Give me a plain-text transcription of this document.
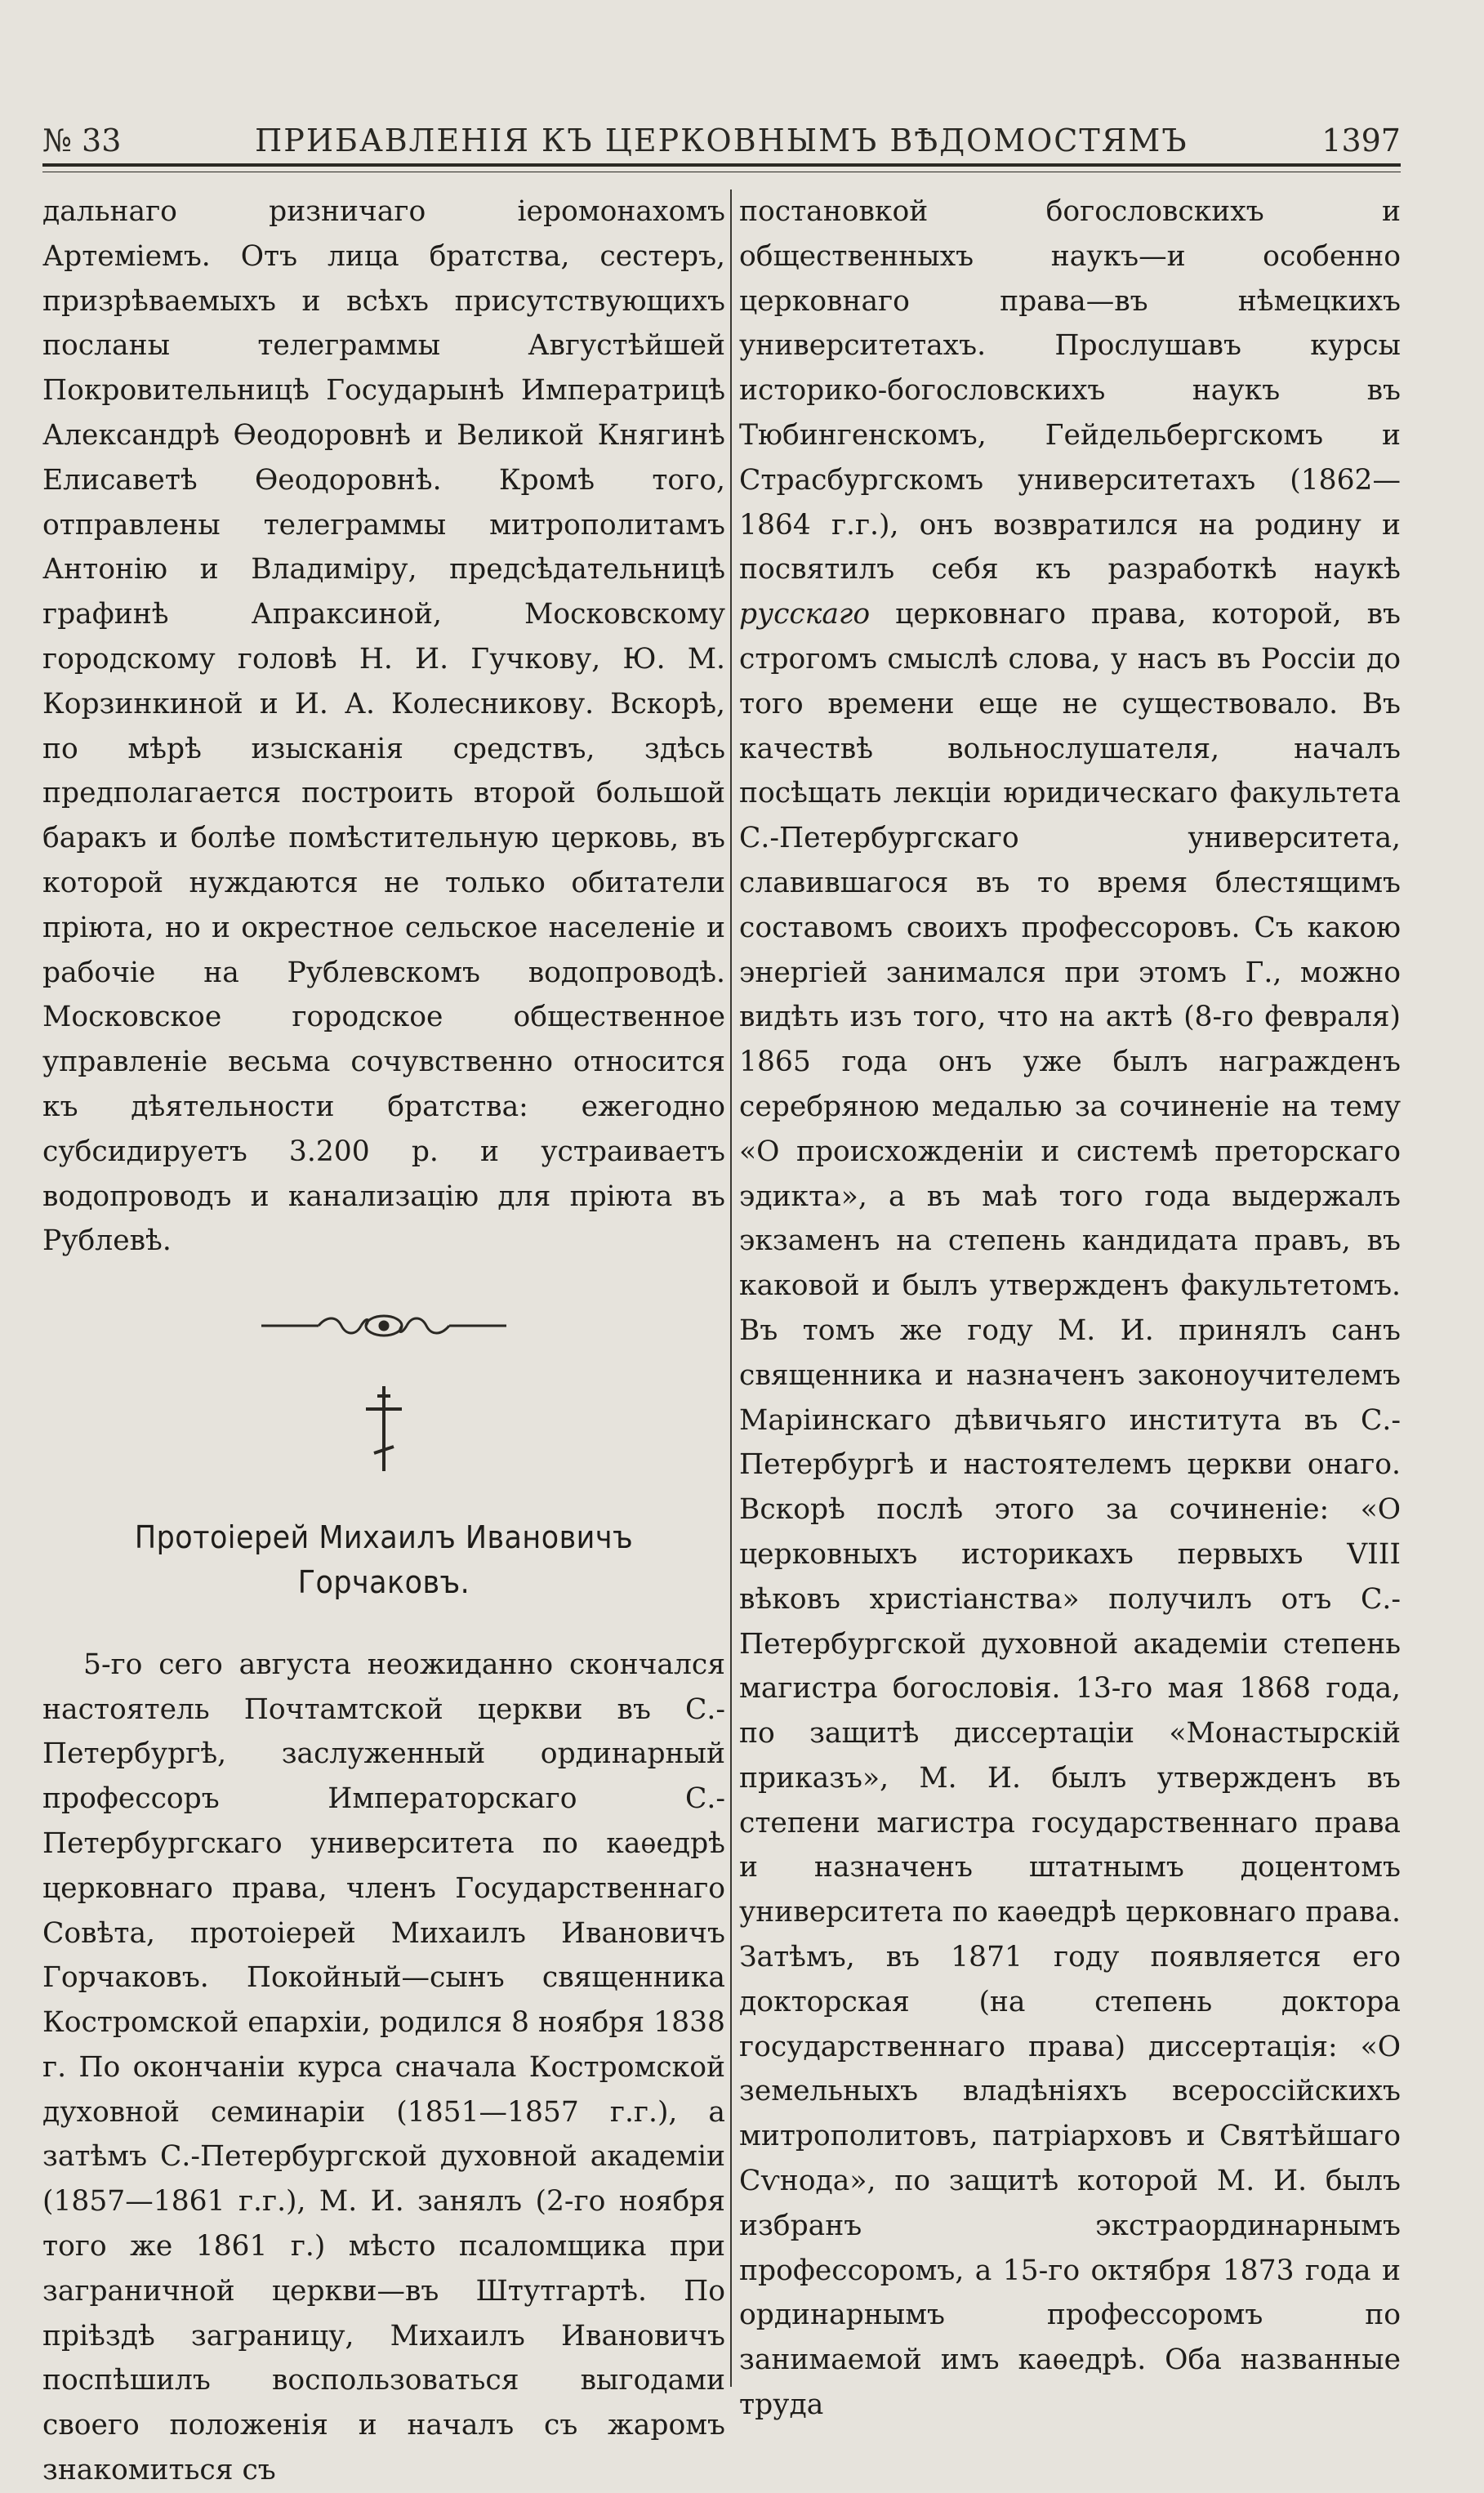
№ 33	ПРИБАВЛЕНІЯ КЪ ЦЕРКОВНЫМЪ ВѢДОМОСТЯМЪ	1397

дальнаго ризничаго іеромонахомъ Артеміемъ. Отъ лица братства, сестеръ, призрѣваемыхъ и всѣхъ присутствующихъ посланы телеграммы Августѣйшей Покровительницѣ Государынѣ Императрицѣ Александрѣ Ѳеодоровнѣ и Великой Княгинѣ Елисаветѣ Ѳеодоровнѣ. Кромѣ того, отправлены телеграммы митрополитамъ Антонію и Владиміру, предсѣдательницѣ графинѣ Апраксиной, Московскому городскому головѣ Н. И. Гучкову, Ю. М. Корзинкиной и И. А. Колесникову. Вскорѣ, по мѣрѣ изысканія средствъ, здѣсь предполагается построить второй большой баракъ и болѣе помѣстительную церковь, въ которой нуждаются не только обитатели пріюта, но и окрестное сельское населеніе и рабочіе на Рублевскомъ водопроводѣ. Московское городское общественное управленіе весьма сочувственно относится къ дѣятельности братства: ежегодно субсидируетъ 3.200 р. и устраиваетъ водопроводъ и канализацію для пріюта въ Рублевѣ.

Протоіерей Михаилъ Ивановичъ Горчаковъ.

5-го сего августа неожиданно скончался настоятель Почтамтской церкви въ С.-Петербургѣ, заслуженный ординарный профессоръ Императорскаго С.-Петербургскаго университета по каѳедрѣ церковнаго права, членъ Государственнаго Совѣта, протоіерей Михаилъ Ивановичъ Горчаковъ. Покойный—сынъ священника Костромской епархіи, родился 8 ноября 1838 г. По окончаніи курса сначала Костромской духовной семинаріи (1851—1857 г.г.), а затѣмъ С.-Петербургской духовной академіи (1857—1861 г.г.), М. И. занялъ (2-го ноября того же 1861 г.) мѣсто псаломщика при заграничной церкви—въ Штутгартѣ. По пріѣздѣ заграницу, Михаилъ Ивановичъ поспѣшилъ воспользоваться выгодами своего положенія и началъ съ жаромъ знакомиться съ

постановкой богословскихъ и общественныхъ наукъ—и особенно церковнаго права—въ нѣмецкихъ университетахъ. Прослушавъ курсы историко-богословскихъ наукъ въ Тюбингенскомъ, Гейдельбергскомъ и Страсбургскомъ университетахъ (1862—1864 г.г.), онъ возвратился на родину и посвятилъ себя къ разработкѣ наукѣ русскаго церковнаго права, которой, въ строгомъ смыслѣ слова, у насъ въ Россіи до того времени еще не существовало. Въ качествѣ вольнослушателя, началъ посѣщать лекціи юридическаго факультета С.-Петербургскаго университета, славившагося въ то время блестящимъ составомъ своихъ профессоровъ. Съ какою энергіей занимался при этомъ Г., можно видѣть изъ того, что на актѣ (8-го февраля) 1865 года онъ уже былъ награжденъ серебряною медалью за сочиненіе на тему «О происхожденіи и системѣ преторскаго эдикта», а въ маѣ того года выдержалъ экзаменъ на степень кандидата правъ, въ каковой и былъ утвержденъ факультетомъ. Въ томъ же году М. И. принялъ санъ священника и назначенъ законоучителемъ Маріинскаго дѣвичьяго института въ С.-Петербургѣ и настоятелемъ церкви онаго. Вскорѣ послѣ этого за сочиненіе: «О церковныхъ историкахъ первыхъ VIII вѣковъ христіанства» получилъ отъ С.-Петербургской духовной академіи степень магистра богословія. 13-го мая 1868 года, по защитѣ диссертаціи «Монастырскій приказъ», М. И. былъ утвержденъ въ степени магистра государственнаго права и назначенъ штатнымъ доцентомъ университета по каѳедрѣ церковнаго права. Затѣмъ, въ 1871 году появляется его докторская (на степень доктора государственнаго права) диссертація: «О земельныхъ владѣніяхъ всероссійскихъ митрополитовъ, патріарховъ и Святѣйшаго Сѵнода», по защитѣ которой М. И. былъ избранъ экстраординарнымъ профессоромъ, а 15-го октября 1873 года и ординарнымъ профессоромъ по занимаемой имъ каѳедрѣ. Оба названные труда
